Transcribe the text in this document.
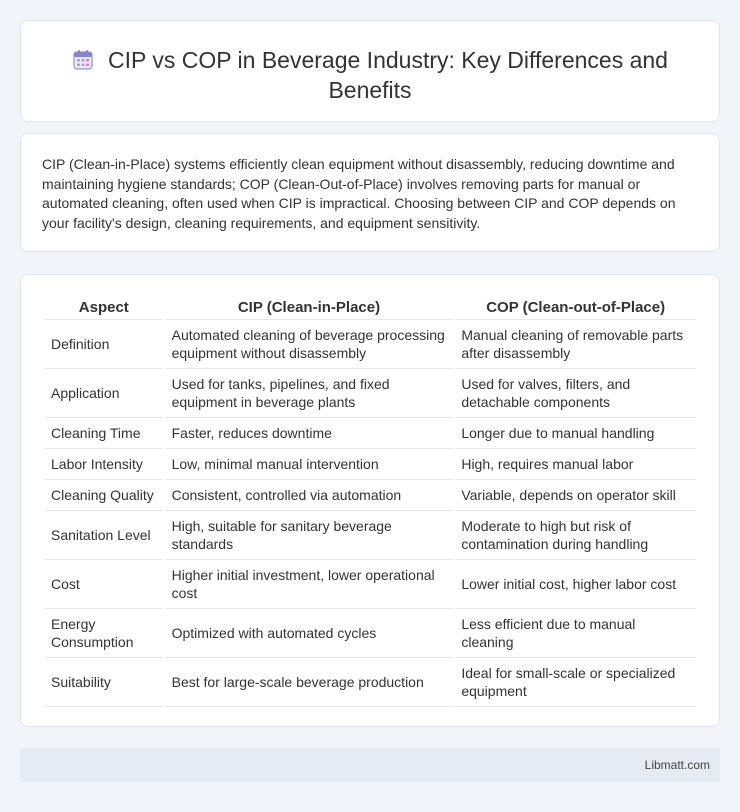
CIP vs COP in Beverage Industry: Key Differences and Benefits

CIP (Clean-in-Place) systems efficiently clean equipment without disassembly, reducing downtime and maintaining hygiene standards; COP (Clean-Out-of-Place) involves removing parts for manual or automated cleaning, often used when CIP is impractical. Choosing between CIP and COP depends on your facility's design, cleaning requirements, and equipment sensitivity.

Aspect	CIP (Clean-in-Place)	COP (Clean-out-of-Place)
Definition	Automated cleaning of beverage processing equipment without disassembly	Manual cleaning of removable parts after disassembly
Application	Used for tanks, pipelines, and fixed equipment in beverage plants	Used for valves, filters, and detachable components
Cleaning Time	Faster, reduces downtime	Longer due to manual handling
Labor Intensity	Low, minimal manual intervention	High, requires manual labor
Cleaning Quality	Consistent, controlled via automation	Variable, depends on operator skill
Sanitation Level	High, suitable for sanitary beverage standards	Moderate to high but risk of contamination during handling
Cost	Higher initial investment, lower operational cost	Lower initial cost, higher labor cost
Energy Consumption	Optimized with automated cycles	Less efficient due to manual cleaning
Suitability	Best for large-scale beverage production	Ideal for small-scale or specialized equipment
Libmatt.com
